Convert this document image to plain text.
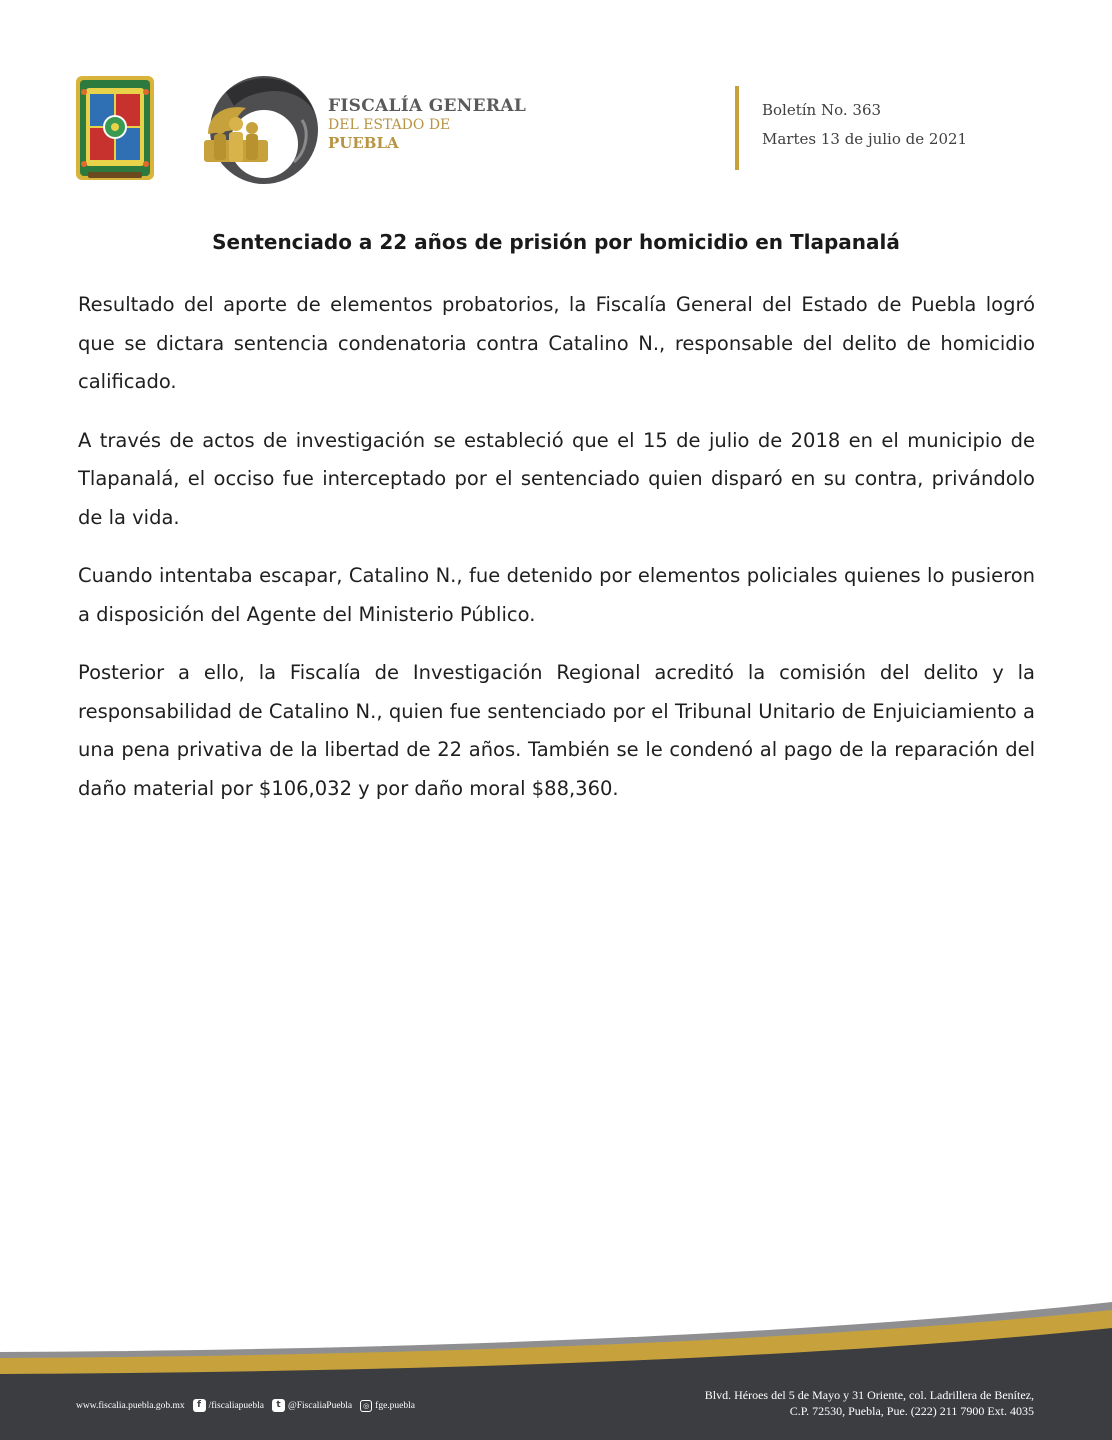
FISCALÍA GENERAL
DEL ESTADO DE
PUEBLA
Boletín No. 363
Martes 13 de julio de 2021
Sentenciado a 22 años de prisión por homicidio en Tlapanalá

Resultado del aporte de elementos probatorios, la Fiscalía General del Estado de Puebla logró que se dictara sentencia condenatoria contra Catalino N., responsable del delito de homicidio calificado.

A través de actos de investigación se estableció que el 15 de julio de 2018 en el municipio de Tlapanalá, el occiso fue interceptado por el sentenciado quien disparó en su contra, privándolo de la vida.

Cuando intentaba escapar, Catalino N., fue detenido por elementos policiales quienes lo pusieron a disposición del Agente del Ministerio Público.

Posterior a ello, la Fiscalía de Investigación Regional acreditó la comisión del delito y la responsabilidad de Catalino N., quien fue sentenciado por el Tribunal Unitario de Enjuiciamiento a una pena privativa de la libertad de 22 años. También se le condenó al pago de la reparación del daño material por $106,032 y por daño moral $88,360.

www.fiscalia.puebla.gob.mx	f /fiscaliapuebla	t @FiscaliaPuebla	◎ fge.puebla
Blvd. Héroes del 5 de Mayo y 31 Oriente, col. Ladrillera de Benítez,
C.P. 72530, Puebla, Pue. (222) 211 7900 Ext. 4035
